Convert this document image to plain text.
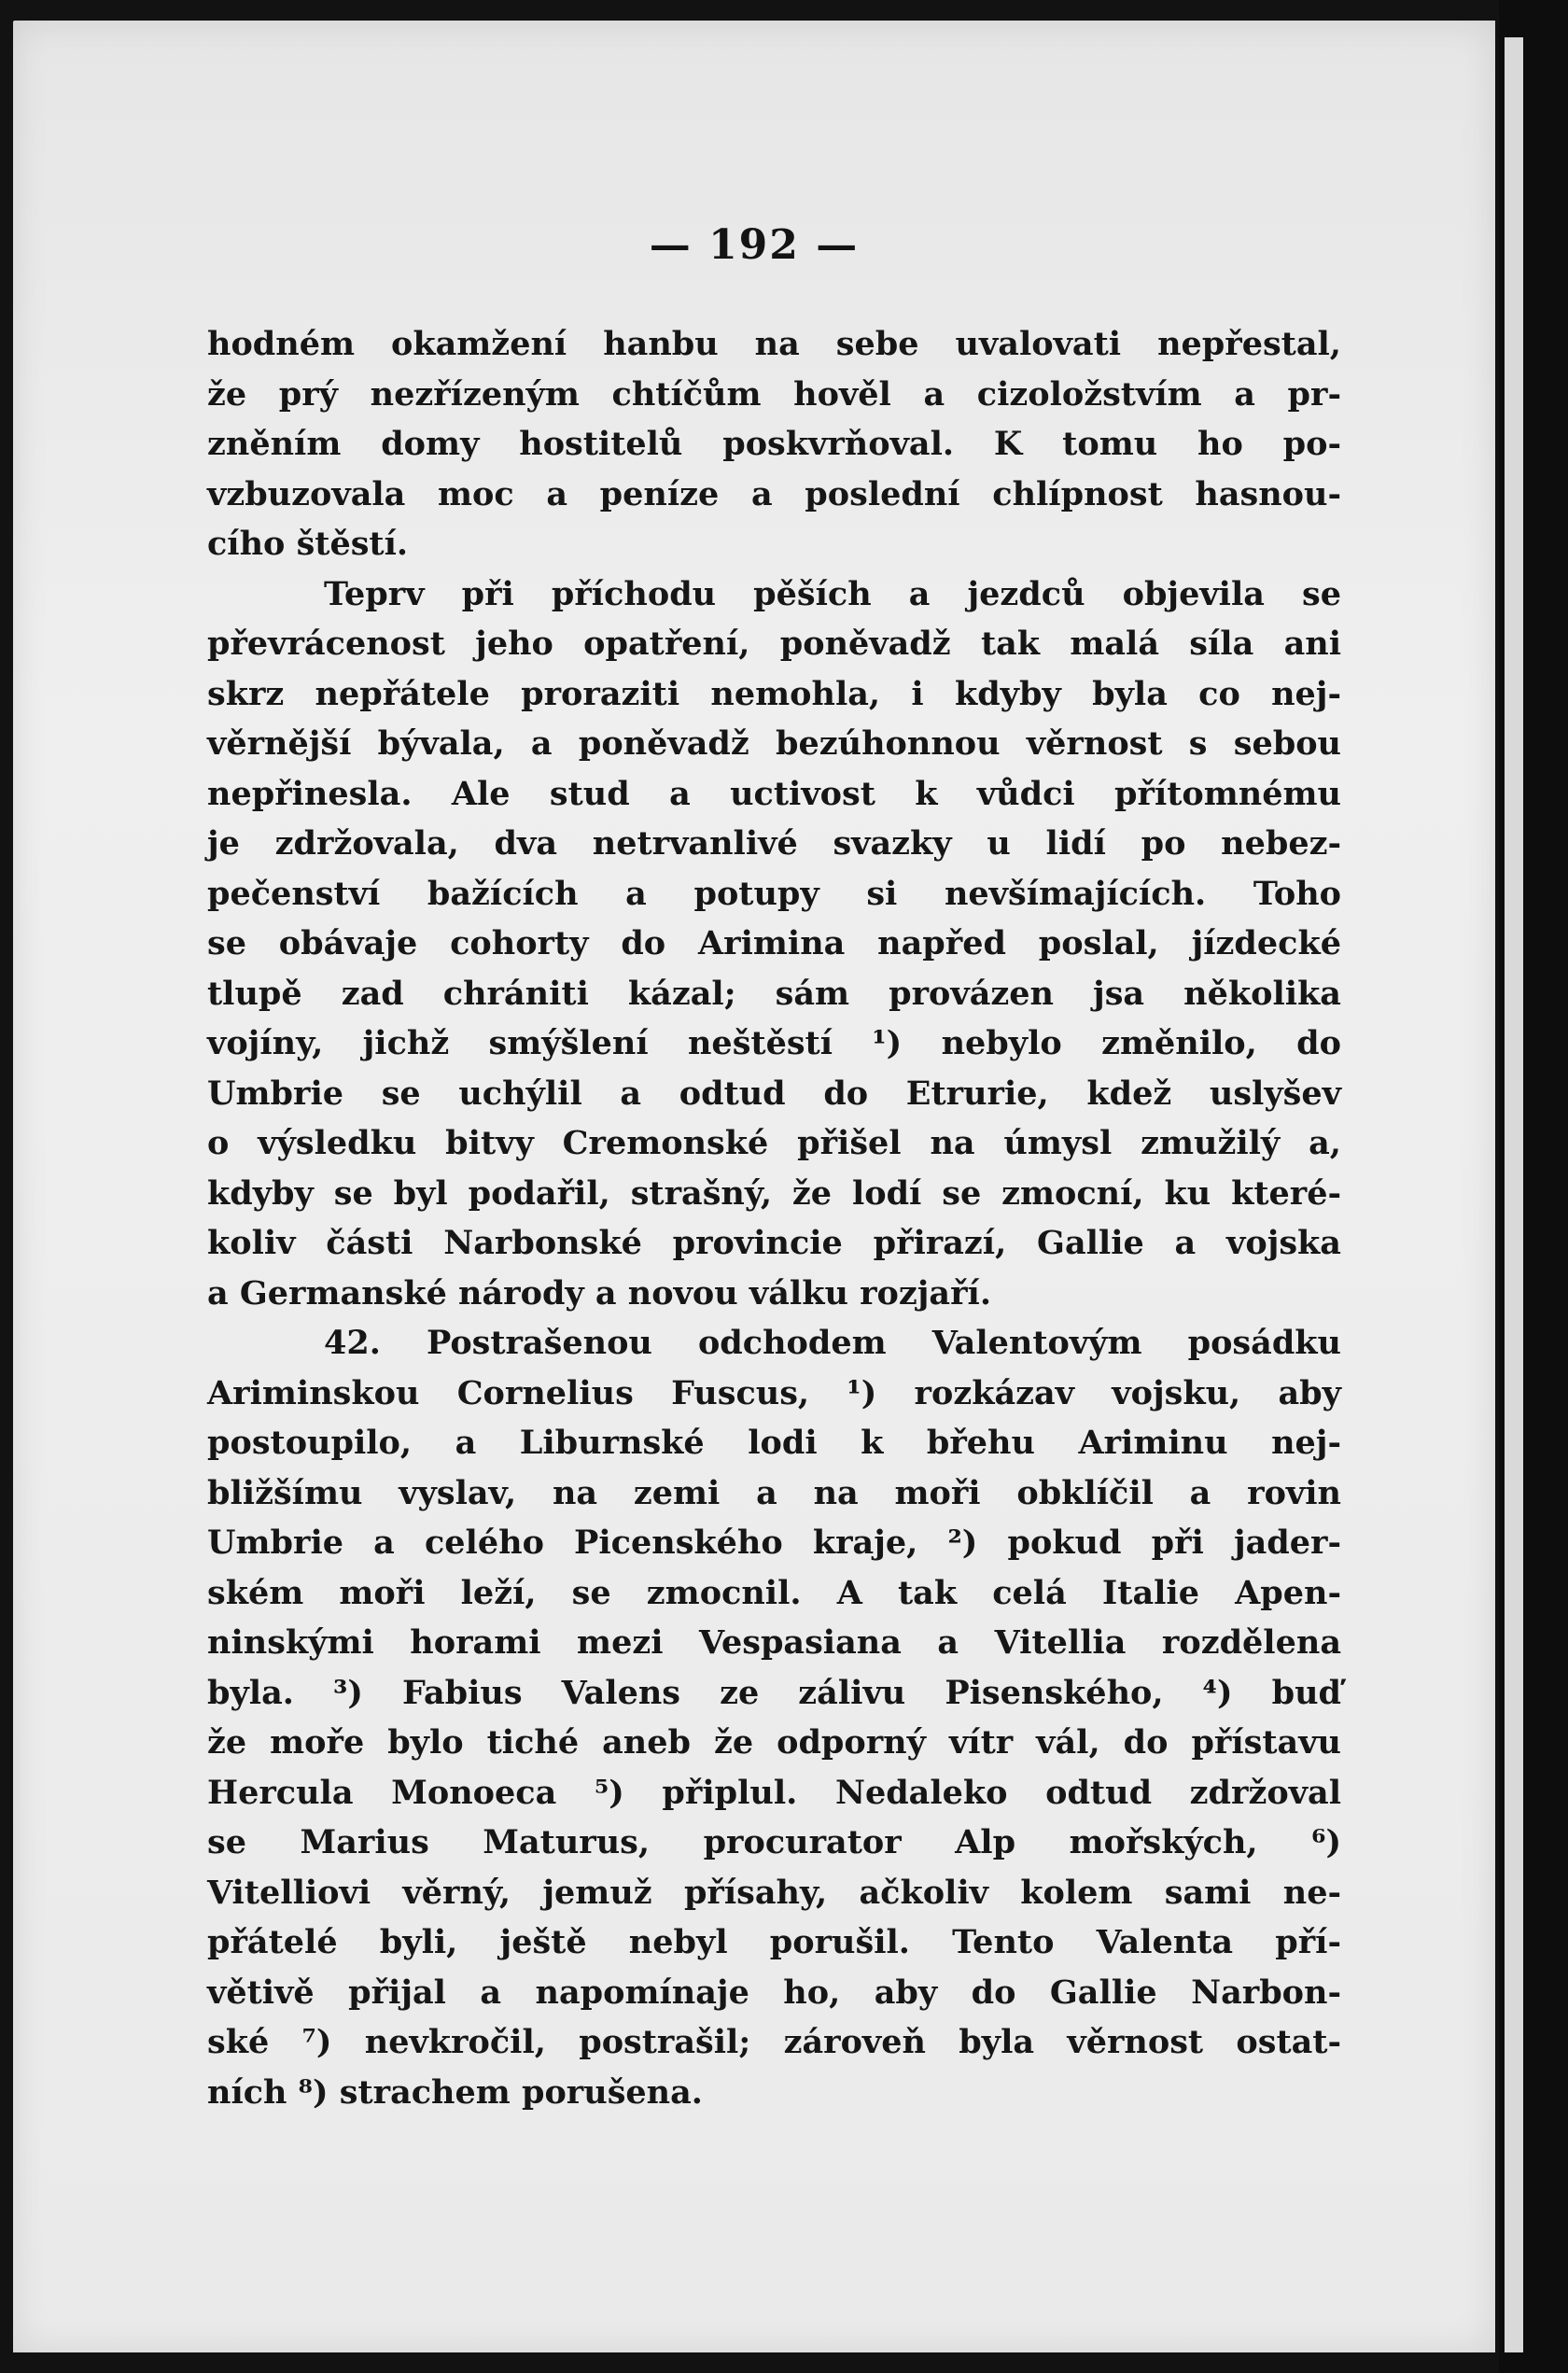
— 192 —
hodném okamžení hanbu na sebe uvalovati nepřestal,
že prý nezřízeným chtíčům hověl a cizoložstvím a pr-
zněním domy hostitelů poskvrňoval. K tomu ho po-
vzbuzovala moc a peníze a poslední chlípnost hasnou-
cího štěstí.
Teprv při příchodu pěších a jezdců objevila se
převrácenost jeho opatření, poněvadž tak malá síla ani
skrz nepřátele proraziti nemohla, i kdyby byla co nej-
věrnější bývala, a poněvadž bezúhonnou věrnost s sebou
nepřinesla. Ale stud a uctivost k vůdci přítomnému
je zdržovala, dva netrvanlivé svazky u lidí po nebez-
pečenství bažících a potupy si nevšímajících. Toho
se obávaje cohorty do Arimina napřed poslal, jízdecké
tlupě zad chrániti kázal; sám provázen jsa několika
vojíny, jichž smýšlení neštěstí ¹) nebylo změnilo, do
Umbrie se uchýlil a odtud do Etrurie, kdež uslyšev
o výsledku bitvy Cremonské přišel na úmysl zmužilý a,
kdyby se byl podařil, strašný, že lodí se zmocní, ku které-
koliv části Narbonské provincie přirazí, Gallie a vojska
a Germanské národy a novou válku rozjaří.
42. Postrašenou odchodem Valentovým posádku
Ariminskou Cornelius Fuscus, ¹) rozkázav vojsku, aby
postoupilo, a Liburnské lodi k břehu Ariminu nej-
bližšímu vyslav, na zemi a na moři obklíčil a rovin
Umbrie a celého Picenského kraje, ²) pokud při jader-
ském moři leží, se zmocnil. A tak celá Italie Apen-
ninskými horami mezi Vespasiana a Vitellia rozdělena
byla. ³) Fabius Valens ze zálivu Pisenského, ⁴) buď
že moře bylo tiché aneb že odporný vítr vál, do přístavu
Hercula Monoeca ⁵) připlul. Nedaleko odtud zdržoval
se Marius Maturus, procurator Alp mořských, ⁶)
Vitelliovi věrný, jemuž přísahy, ačkoliv kolem sami ne-
přátelé byli, ještě nebyl porušil. Tento Valenta pří-
větivě přijal a napomínaje ho, aby do Gallie Narbon-
ské ⁷) nevkročil, postrašil; zároveň byla věrnost ostat-
ních ⁸) strachem porušena.
